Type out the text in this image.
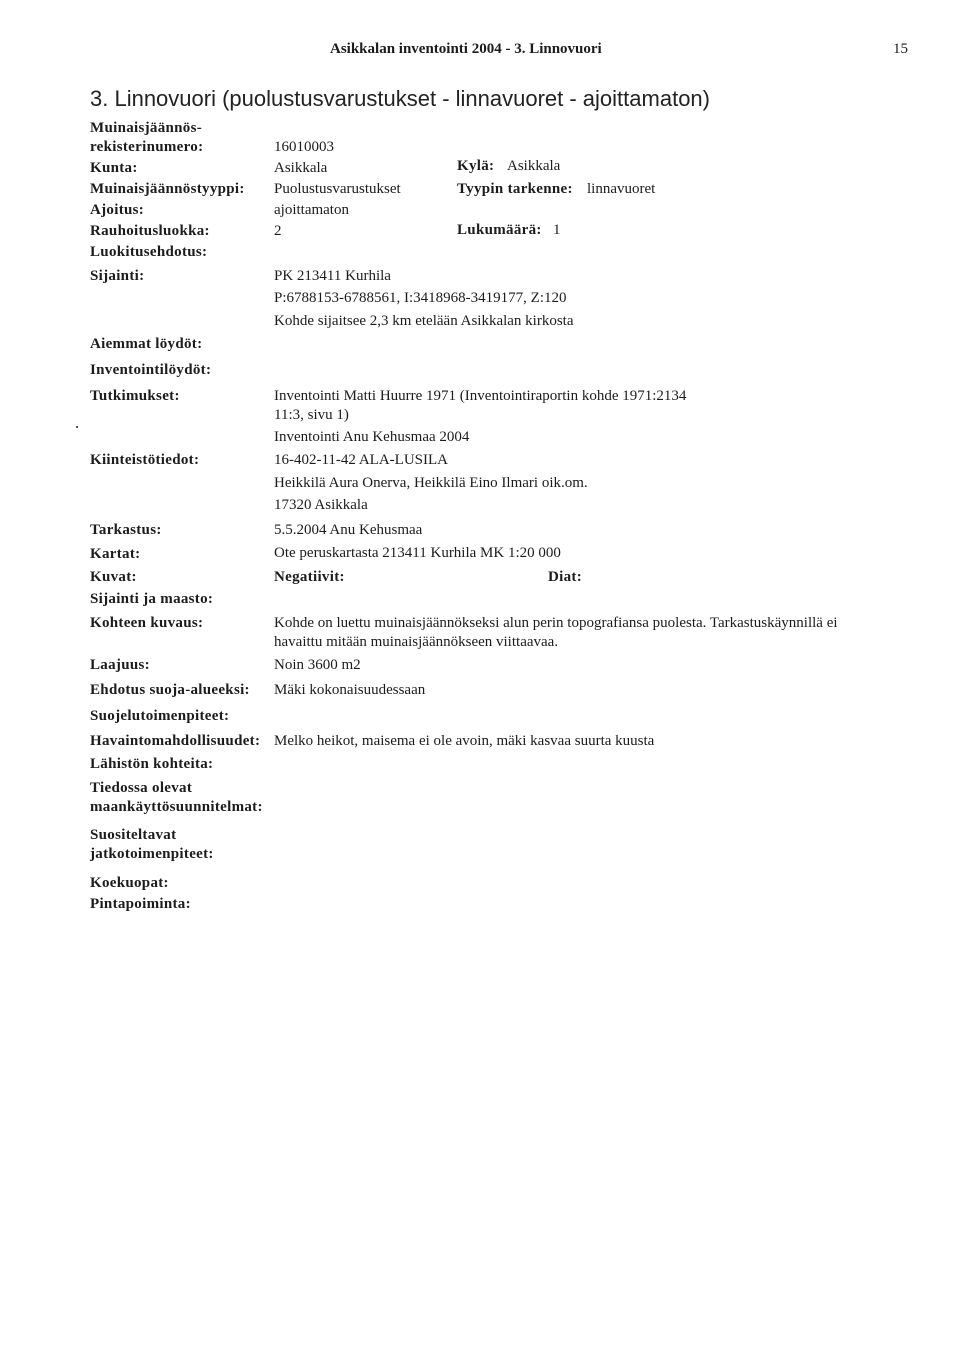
Asikkalan inventointi 2004 - 3. Linnovuori	15
3. Linnovuori (puolustusvarustukset - linnavuoret - ajoittamaton)
Muinaisjäännös-
rekisterinumero:	16010003
Kunta:	Asikkala	Kylä: Asikkala
Muinaisjäännöstyyppi: Puolustusvarustukset	Tyypin tarkenne: linnavuoret
Ajoitus:	ajoittamaton
Rauhoitusluokka:	2	Lukumäärä: 1
Luokitusehdotus:
Sijainti:	PK 213411 Kurhila
P:6788153-6788561, I:3418968-3419177, Z:120
Kohde sijaitsee 2,3 km etelään Asikkalan kirkosta
Aiemmat löydöt:
Inventointilöydöt:
Tutkimukset:	Inventointi Matti Huurre 1971 (Inventointiraportin kohde 1971:2134
11:3, sivu 1)
Inventointi Anu Kehusmaa 2004
Kiinteistötiedot:	16-402-11-42 ALA-LUSILA
Heikkilä Aura Onerva, Heikkilä Eino Ilmari oik.om.
17320 Asikkala
Tarkastus:	5.5.2004 Anu Kehusmaa
Kartat:	Ote peruskartasta 213411 Kurhila MK 1:20 000
Kuvat:	Negatiivit:	Diat:
Sijainti ja maasto:
Kohteen kuvaus:	Kohde on luettu muinaisjäännökseksi alun perin topografiansa puolesta. Tarkastuskäynnillä ei
havaittu mitään muinaisjäännökseen viittaavaa.
Laajuus:	Noin 3600 m2
Ehdotus suoja-alueeksi: Mäki kokonaisuudessaan
Suojelutoimenpiteet:
Havaintomahdollisuudet: Melko heikot, maisema ei ole avoin, mäki kasvaa suurta kuusta
Lähistön kohteita:
Tiedossa olevat
maankäyttösuunnitelmat:
Suositeltavat
jatkotoimenpiteet:
Koekuopat:
Pintapoiminta:
